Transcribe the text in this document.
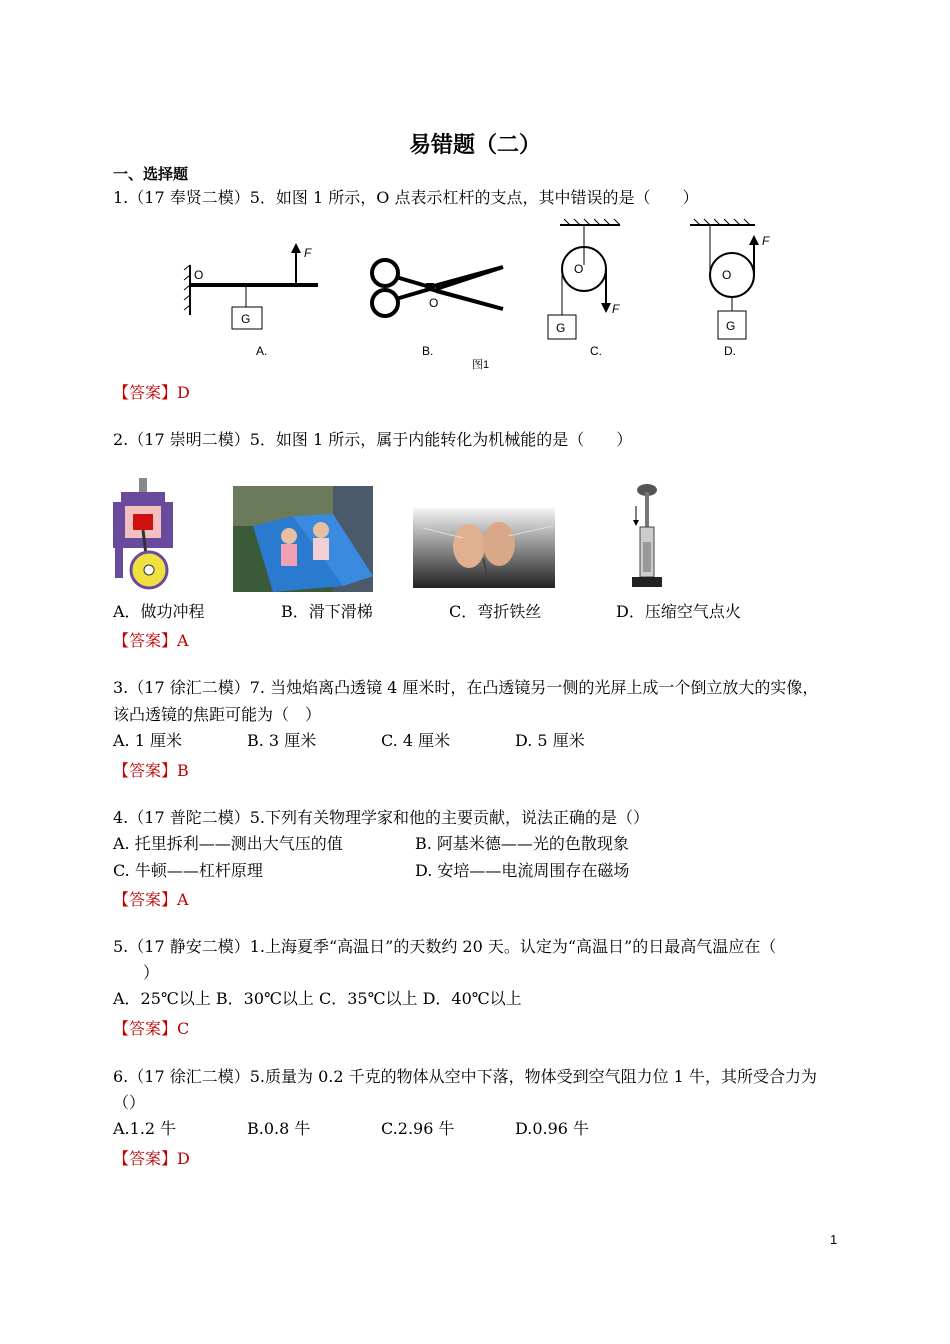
易错题（二）
一、选择题
1.（17 奉贤二模）5．如图 1 所示，O 点表示杠杆的支点，其中错误的是（　　）
O
F
G
A.
O
B.
O
F
G
C.
O
F
G
D.
图1
【答案】D
2.（17 崇明二模）5．如图 1 所示，属于内能转化为机械能的是（　　）
A．做功冲程	B．滑下滑梯	C．弯折铁丝	D．压缩空气点火
【答案】A
3.（17 徐汇二模）7. 当烛焰离凸透镜 4 厘米时，在凸透镜另一侧的光屏上成一个倒立放大的实像，
该凸透镜的焦距可能为（　）
A. 1 厘米	B. 3 厘米	C. 4 厘米	D. 5 厘米
【答案】B
4.（17 普陀二模）5.下列有关物理学家和他的主要贡献，说法正确的是（）
A. 托里拆利——测出大气压的值	B. 阿基米德——光的色散现象
C. 牛顿——杠杆原理	D. 安培——电流周围存在磁场
【答案】A
5.（17 静安二模）1.上海夏季“高温日”的天数约 20 天。认定为“高温日”的日最高气温应在（
）
A．25℃以上 B．30℃以上 C．35℃以上 D．40℃以上
【答案】C
6.（17 徐汇二模）5.质量为 0.2 千克的物体从空中下落，物体受到空气阻力位 1 牛，其所受合力为
（）
A.1.2 牛	B.0.8 牛	C.2.96 牛	D.0.96 牛
【答案】D
1
